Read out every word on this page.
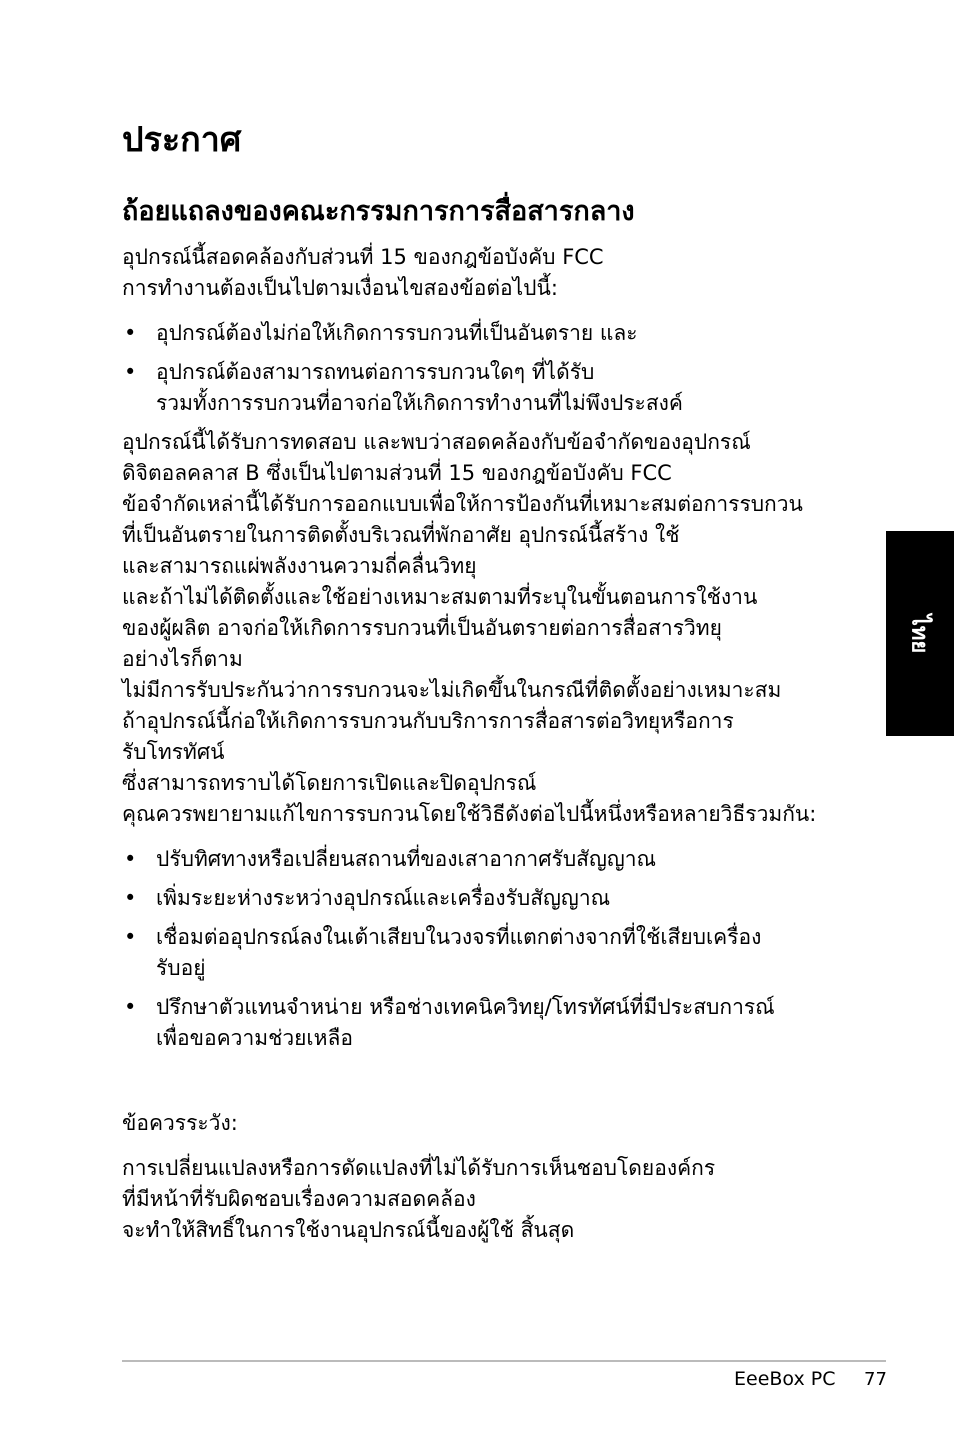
ประกาศ
ถ้อยแถลงของคณะกรรมการการสื่อสารกลาง

อุปกรณ์นี้สอดคล้องกับส่วนที่ 15 ของกฎข้อบังคับ FCC
การทำงานต้องเป็นไปตามเงื่อนไขสองข้อต่อไปนี้:

• อุปกรณ์ต้องไม่ก่อให้เกิดการรบกวนที่เป็นอันตราย และ
• อุปกรณ์ต้องสามารถทนต่อการรบกวนใดๆ ที่ได้รับ
รวมทั้งการรบกวนที่อาจก่อให้เกิดการทำงานที่ไม่พึงประสงค์

อุปกรณ์นี้ได้รับการทดสอบ และพบว่าสอดคล้องกับข้อจำกัดของอุปกรณ์
ดิจิตอลคลาส B ซึ่งเป็นไปตามส่วนที่ 15 ของกฎข้อบังคับ FCC
ข้อจำกัดเหล่านี้ได้รับการออกแบบเพื่อให้การป้องกันที่เหมาะสมต่อการรบกวน
ที่เป็นอันตรายในการติดตั้งบริเวณที่พักอาศัย อุปกรณ์นี้สร้าง ใช้
และสามารถแผ่พลังงานความถี่คลื่นวิทยุ
และถ้าไม่ได้ติดตั้งและใช้อย่างเหมาะสมตามที่ระบุในขั้นตอนการใช้งาน
ของผู้ผลิต อาจก่อให้เกิดการรบกวนที่เป็นอันตรายต่อการสื่อสารวิทยุ
อย่างไรก็ตาม
ไม่มีการรับประกันว่าการรบกวนจะไม่เกิดขึ้นในกรณีที่ติดตั้งอย่างเหมาะสม
ถ้าอุปกรณ์นี้ก่อให้เกิดการรบกวนกับบริการการสื่อสารต่อวิทยุหรือการ
รับโทรทัศน์
ซึ่งสามารถทราบได้โดยการเปิดและปิดอุปกรณ์
คุณควรพยายามแก้ไขการรบกวนโดยใช้วิธีดังต่อไปนี้หนึ่งหรือหลายวิธีรวมกัน:

• ปรับทิศทางหรือเปลี่ยนสถานที่ของเสาอากาศรับสัญญาณ
• เพิ่มระยะห่างระหว่างอุปกรณ์และเครื่องรับสัญญาณ
• เชื่อมต่ออุปกรณ์ลงในเต้าเสียบในวงจรที่แตกต่างจากที่ใช้เสียบเครื่อง
รับอยู่
• ปรึกษาตัวแทนจำหน่าย หรือช่างเทคนิควิทยุ/โทรทัศน์ที่มีประสบการณ์
เพื่อขอความช่วยเหลือ

ข้อควรระวัง:

การเปลี่ยนแปลงหรือการดัดแปลงที่ไม่ได้รับการเห็นชอบโดยองค์กร
ที่มีหน้าที่รับผิดชอบเรื่องความสอดคล้อง
จะทำให้สิทธิ์ในการใช้งานอุปกรณ์นี้ของผู้ใช้ สิ้นสุด

ไทย
EeeBox PC 77
